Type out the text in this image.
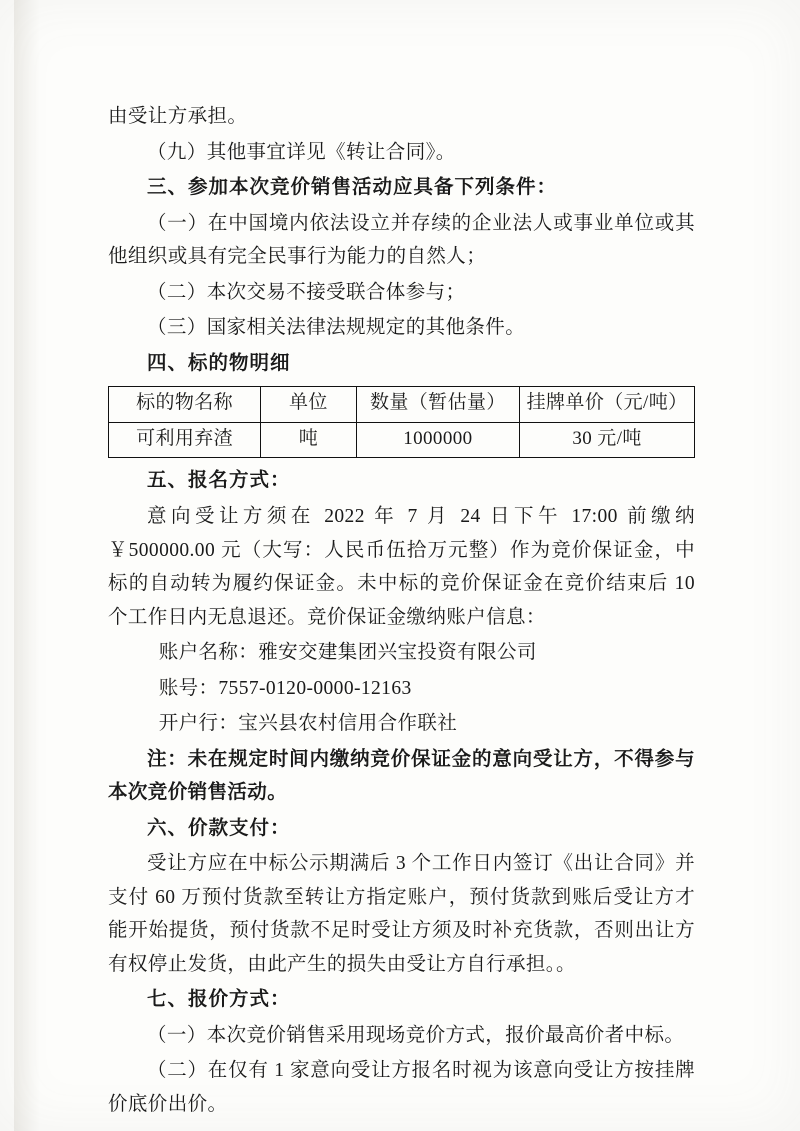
由受让方承担。

（九）其他事宜详见《转让合同》。

三、参加本次竞价销售活动应具备下列条件：

（一）在中国境内依法设立并存续的企业法人或事业单位或其他组织或具有完全民事行为能力的自然人；

（二）本次交易不接受联合体参与；

（三）国家相关法律法规规定的其他条件。

四、标的物明细

标的物名称	单位	数量（暂估量）	挂牌单价（元/吨）
可利用弃渣	吨	1000000	30 元/吨

五、报名方式：

意向受让方须在 2022 年 7 月 24 日下午 17:00 前缴纳￥500000.00 元（大写：人民币伍拾万元整）作为竞价保证金，中标的自动转为履约保证金。未中标的竞价保证金在竞价结束后 10 个工作日内无息退还。竞价保证金缴纳账户信息：

账户名称：雅安交建集团兴宝投资有限公司

账号：7557-0120-0000-12163

开户行：宝兴县农村信用合作联社

注：未在规定时间内缴纳竞价保证金的意向受让方，不得参与本次竞价销售活动。

六、价款支付：

受让方应在中标公示期满后 3 个工作日内签订《出让合同》并支付 60 万预付货款至转让方指定账户，预付货款到账后受让方才能开始提货，预付货款不足时受让方须及时补充货款，否则出让方有权停止发货，由此产生的损失由受让方自行承担。。

七、报价方式：

（一）本次竞价销售采用现场竞价方式，报价最高价者中标。

（二）在仅有 1 家意向受让方报名时视为该意向受让方按挂牌价底价出价。
